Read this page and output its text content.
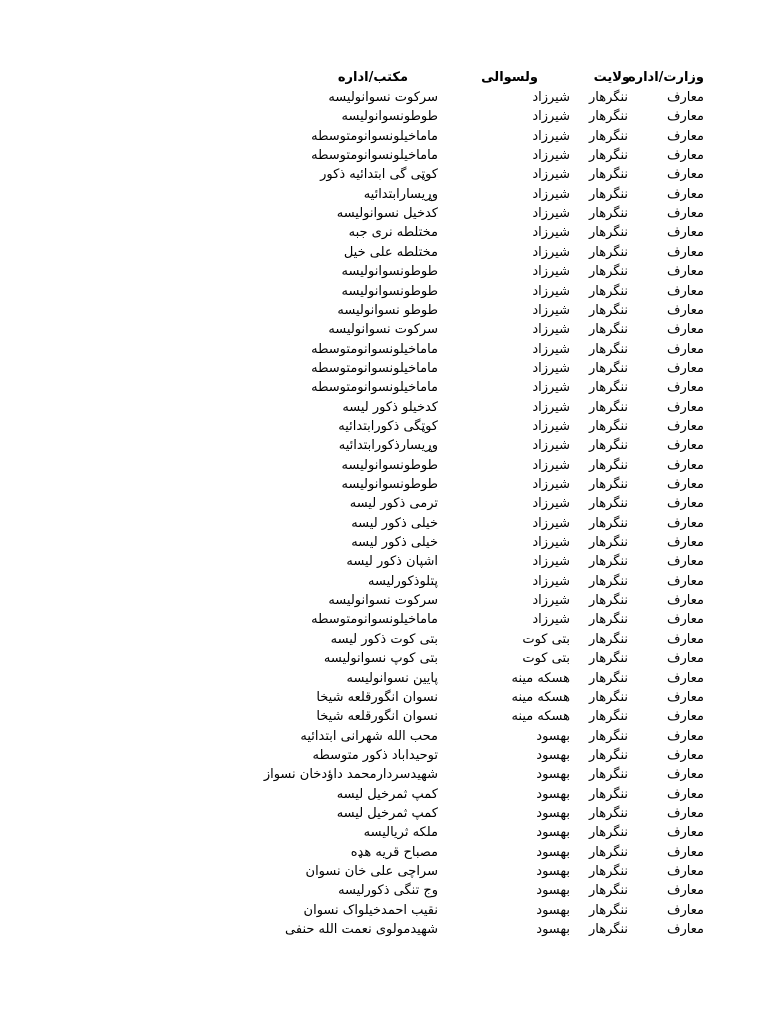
وزارت/اداره
ولایت
ولسوالی
مکتب/اداره
معارف
ننگرهار
شیرزاد
سرکوت نسوانولیسه
معارف
ننگرهار
شیرزاد
طوطونسوانولیسه
معارف
ننگرهار
شیرزاد
ماماخیلونسوانومتوسطه
معارف
ننگرهار
شیرزاد
ماماخیلونسوانومتوسطه
معارف
ننگرهار
شیرزاد
کوټی گی ابتدائیه ذکور
معارف
ننگرهار
شیرزاد
وړیسارابتدائیه
معارف
ننگرهار
شیرزاد
کدخیل نسوانولیسه
معارف
ننگرهار
شیرزاد
مختلطه نری جبه
معارف
ننگرهار
شیرزاد
مختلطه علی خیل
معارف
ننگرهار
شیرزاد
طوطونسوانولیسه
معارف
ننگرهار
شیرزاد
طوطونسوانولیسه
معارف
ننگرهار
شیرزاد
طوطو نسوانولیسه
معارف
ننگرهار
شیرزاد
سرکوت نسوانولیسه
معارف
ننگرهار
شیرزاد
ماماخیلونسوانومتوسطه
معارف
ننگرهار
شیرزاد
ماماخیلونسوانومتوسطه
معارف
ننگرهار
شیرزاد
ماماخیلونسوانومتوسطه
معارف
ننگرهار
شیرزاد
کدخیلو ذکور لیسه
معارف
ننگرهار
شیرزاد
کوټگی ذکورابتدائیه
معارف
ننگرهار
شیرزاد
وړیسارذکورابتدائیه
معارف
ننگرهار
شیرزاد
طوطونسوانولیسه
معارف
ننگرهار
شیرزاد
طوطونسوانولیسه
معارف
ننگرهار
شیرزاد
ترمی ذکور لیسه
معارف
ننگرهار
شیرزاد
خیلی ذکور لیسه
معارف
ننگرهار
شیرزاد
خیلی ذکور لیسه
معارف
ننگرهار
شیرزاد
اشپان ذکور لیسه
معارف
ننگرهار
شیرزاد
پتلوذکورلیسه
معارف
ننگرهار
شیرزاد
سرکوت نسوانولیسه
معارف
ننگرهار
شیرزاد
ماماخیلونسوانومتوسطه
معارف
ننگرهار
بتی کوت
بتی کوت ذکور لیسه
معارف
ننگرهار
بتی کوت
بتی کوپ نسوانولیسه
معارف
ننگرهار
هسکه مینه
پایین نسوانولیسه
معارف
ننگرهار
هسکه مینه
نسوان انگورقلعه شیخا
معارف
ننگرهار
هسکه مینه
نسوان انگورقلعه شیخا
معارف
ننگرهار
بهسود
محب الله شهرانی ابتدائیه
معارف
ننگرهار
بهسود
توحیداباد ذکور متوسطه
معارف
ننگرهار
بهسود
شهیدسردارمحمد داؤدخان نسواز
معارف
ننگرهار
بهسود
کمپ ثمرخیل لیسه
معارف
ننگرهار
بهسود
کمپ ثمرخیل لیسه
معارف
ننگرهار
بهسود
ملکه ثریالیسه
معارف
ننگرهار
بهسود
مصباح قریه هډه
معارف
ننگرهار
بهسود
سراچی علی خان نسوان
معارف
ننگرهار
بهسود
وج تنگی ذکورلیسه
معارف
ننگرهار
بهسود
نقیب احمدخیلواک نسوان
معارف
ننگرهار
بهسود
شهیدمولوی نعمت الله حنفی
